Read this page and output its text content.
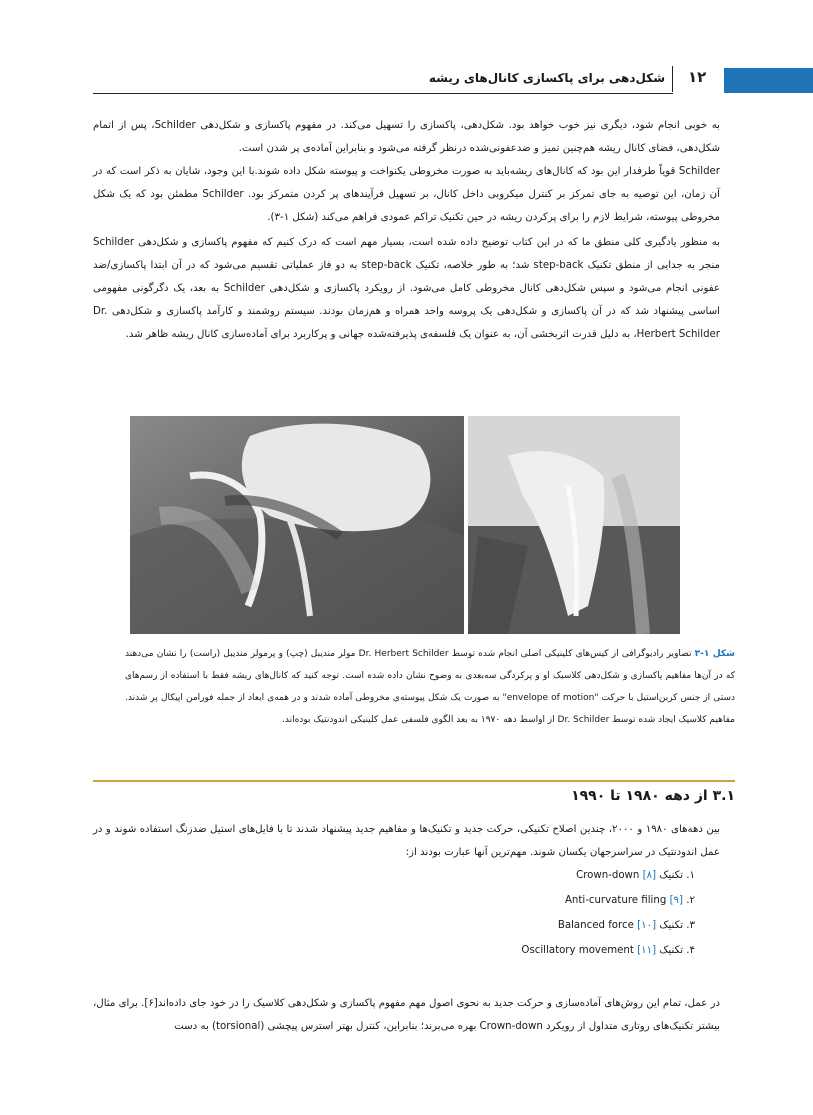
۱۲
شکل‌دهی برای پاکسازی کانال‌های ریشه

به خوبی انجام شود، دیگری نیز خوب خواهد بود. شکل‌دهی، پاکسازی را تسهیل می‌کند. در مفهوم پاکسازی و شکل‌دهی Schilder، پس از اتمام شکل‌دهی، فضای کانال ریشه هم‌چنین تمیز و ضدعفونی‌شده درنظر گرفته می‌شود و بنابراین آماده‌ی پر شدن است.

Schilder قویاً طرفدار این بود که کانال‌های ریشه‌باید به صورت مخروطی یکنواخت و پیوسته شکل داده شوند.با این وجود، شایان به ذکر است که در آن زمان، این توصیه به جای تمرکز بر کنترل میکروبی داخل کانال، بر تسهیل فرآیندهای پر کردن متمرکز بود. Schilder مطمئن بود که یک شکل مخروطی پیوسته، شرایط لازم را برای پرکردن ریشه در حین تکنیک تراکم عمودی فراهم می‌کند (شکل ۱-۳).

به منظور یادگیری کلی منطق ما که در این کتاب توضیح داده شده است، بسیار مهم است که درک کنیم که مفهوم پاکسازی و شکل‌دهی Schilder منجر به جدایی از منطق تکنیک step-back شد؛ به طور خلاصه، تکنیک step-back به دو فاز عملیاتی تقسیم می‌شود که در آن ابتدا پاکسازی/ضد عفونی انجام می‌شود و سپس شکل‌دهی کانال مخروطی کامل می‌شود. از رویکرد پاکسازی و شکل‌دهی Schilder به بعد، یک دگرگونی مفهومی اساسی پیشنهاد شد که در آن پاکسازی و شکل‌دهی یک پروسه واحد همراه و هم‌زمان بودند. سیستم روشمند و کارآمد پاکسازی و شکل‌دهی Dr. Herbert Schilder، به دلیل قدرت اثربخشی آن، به عنوان یک فلسفه‌ی پذیرفته‌شده جهانی و پرکاربرد برای آماده‌سازی کانال ریشه ظاهر شد.

شکل ۱-۳ تصاویر رادیوگرافی از کیس‌های کلینیکی اصلی انجام شده توسط Dr. Herbert Schilder مولر منديبل (چپ) و پرمولر منديبل (راست) را نشان می‌دهند که در آن‌ها مفاهیم پاکسازی و شکل‌دهی کلاسیک او و پرکردگی سه‌بعدی به وضوح نشان داده شده است. توجه کنید که کانال‌های ریشه فقط با استفاده از رسم‌های دستی از جنس کربن‌استیل با حرکت "envelope of motion" به صورت یک شکل پیوسته‌ی مخروطی آماده شدند و در همه‌ی ابعاد از جمله فورامن اپیکال پر شدند. مفاهیم کلاسیک ایجاد شده توسط Dr. Schilder از اواسط دهه ۱۹۷۰ به بعد الگوی فلسفی عمل کلینیکی اندودنتیک بوده‌اند.
۳.۱ از دهه ۱۹۸۰ تا ۱۹۹۰
بین دهه‌های ۱۹۸۰ و ۲۰۰۰، چندین اصلاح تکنیکی، حرکت جدید و تکنیک‌ها و مفاهیم جدید پیشنهاد شدند تا با فایل‌های استیل ضدزنگ استفاده شوند و در عمل اندودنتیک در سراسرجهان یکسان شوند. مهم‌ترین آنها عبارت بودند از:
۱. تکنیک [۸] Crown-down
۲. [۹] Anti-curvature filing
۳. تکنیک [۱۰] Balanced force
۴. تکنیک [۱۱] Oscillatory movement
در عمل، تمام این روش‌های آماده‌سازی و حرکت جدید به نحوی اصول مهم مفهوم پاکسازی و شکل‌دهی کلاسیک را در خود جای داده‌اند[۶]. برای مثال، بیشتر تکنیک‌های روتاری متداول از رویکرد Crown-down بهره می‌برند؛ بنابراین، کنترل بهتر استرس پیچشی (torsional) به دست
